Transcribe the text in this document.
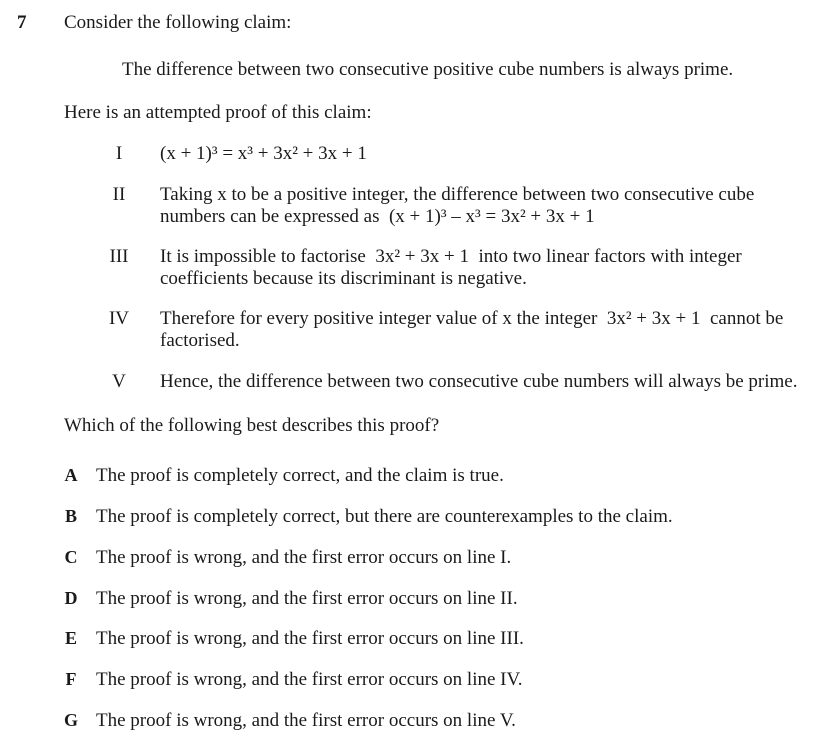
7 Consider the following claim:
The difference between two consecutive positive cube numbers is always prime.
Here is an attempted proof of this claim:
I	(x + 1)³ = x³ + 3x² + 3x + 1
II	Taking x to be a positive integer, the difference between two consecutive cube
numbers can be expressed as (x + 1)³ – x³ = 3x² + 3x + 1
III It is impossible to factorise 3x² + 3x + 1 into two linear factors with integer
coefficients because its discriminant is negative.
IV Therefore for every positive integer value of x the integer 3x² + 3x + 1 cannot be
factorised.
V	Hence, the difference between two consecutive cube numbers will always be prime.
Which of the following best describes this proof?
A The proof is completely correct, and the claim is true.
B The proof is completely correct, but there are counterexamples to the claim.
C The proof is wrong, and the first error occurs on line I.
D The proof is wrong, and the first error occurs on line II.
E The proof is wrong, and the first error occurs on line III.
F The proof is wrong, and the first error occurs on line IV.
G The proof is wrong, and the first error occurs on line V.
